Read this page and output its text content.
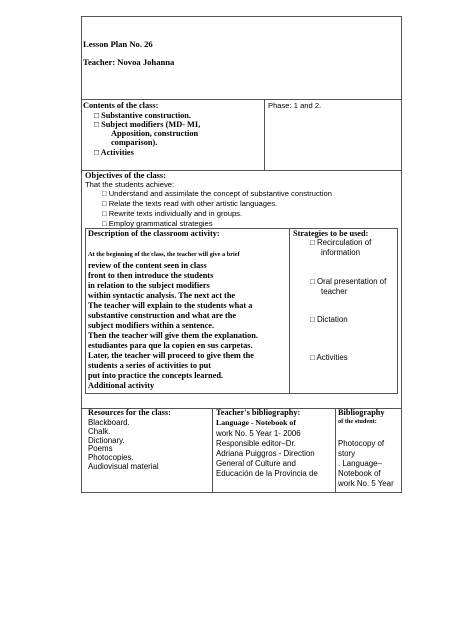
Lesson Plan No. 26
Teacher: Novoa Johanna
Contents of the class:
□ Substantive construction.
□ Subject modifiers (MD- MI,
Apposition, construction
comparison).
□ Activities
Phase: 1 and 2.
Objectives of the class:
That the students achieve:
□ Understand and assimilate the concept of substantive construction
□ Relate the texts read with other artistic languages.
□ Rewrite texts individually and in groups.
□ Employ grammatical strategies
Description of the classroom activity:
At the beginning of the class, the teacher will give a brief
review of the content seen in class
front to then introduce the students
in relation to the subject modifiers
within syntactic analysis. The next act the
The teacher will explain to the students what a
substantive construction and what are the
subject modifiers within a sentence.
Then the teacher will give them the explanation.
estudiantes para que la copien en sus carpetas.
Later, the teacher will proceed to give them the
students a series of activities to put
put into practice the concepts learned.
Strategies to be used:
□ Recirculation of
information
□ Oral presentation of
teacher
□ Dictation
□ Activities
Additional activity
Resources for the class:
Blackboard.
Chalk.
Dictionary.
Poems
Photocopies.
Audiovisual material
Teacher's bibliography:
Language - Notebook of
work No. 5 Year 1- 2006
Responsible editor–Dr.
Adriana Puiggros - Direction
General of Culture and
Educación de la Provincia de
Bibliography
of the student:
Photocopy of
story
. Language–
Notebook of
work No. 5 Year
